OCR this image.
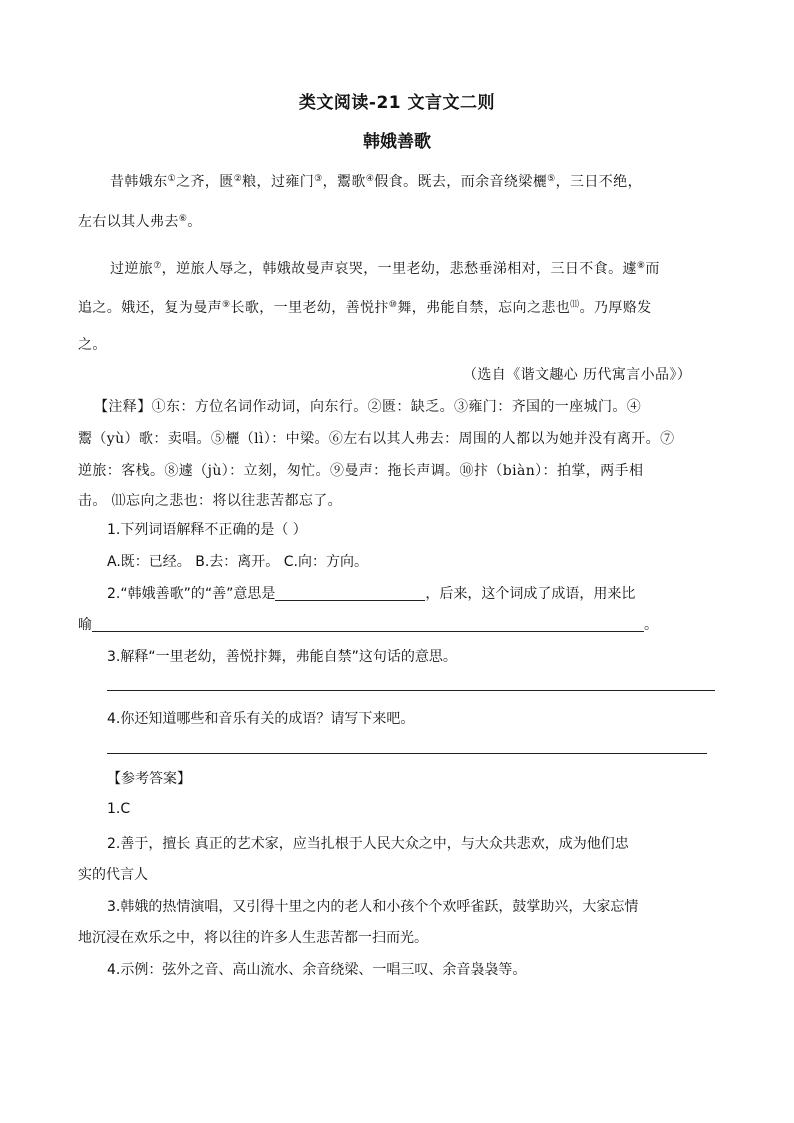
类文阅读-21 文言文二则
韩娥善歌
昔韩娥东①之齐，匮②粮，过雍门③，鬻歌④假食。既去，而余音绕梁欐⑤，三日不绝，
左右以其人弗去⑥。
过逆旅⑦，逆旅人辱之，韩娥故曼声哀哭，一里老幼，悲愁垂涕相对，三日不食。遽⑧而
追之。娥还，复为曼声⑨长歌，一里老幼，善悦抃⑩舞，弗能自禁，忘向之悲也⑾。乃厚赂发
之。
（选自《谐文趣心 历代寓言小品》）
【注释】①东：方位名词作动词，向东行。②匮：缺乏。③雍门：齐国的一座城门。④
鬻（yù）歌：卖唱。⑤欐（lì）：中梁。⑥左右以其人弗去：周围的人都以为她并没有离开。⑦
逆旅：客栈。⑧遽（jù）：立刻，匆忙。⑨曼声：拖长声调。⑩抃（biàn）：拍掌，两手相
击。 ⑾忘向之悲也：将以往悲苦都忘了。
1.下列词语解释不正确的是（ ）
A.既：已经。 B.去：离开。 C.向：方向。
2.“韩娥善歌”的“善”意思是	，后来，这个词成了成语，用来比
喻	。
3.解释“一里老幼，善悦抃舞，弗能自禁”这句话的意思。
4.你还知道哪些和音乐有关的成语？请写下来吧。
【参考答案】
1.C
2.善于，擅长 真正的艺术家，应当扎根于人民大众之中，与大众共悲欢，成为他们忠
实的代言人
3.韩娥的热情演唱，又引得十里之内的老人和小孩个个欢呼雀跃，鼓掌助兴，大家忘情
地沉浸在欢乐之中，将以往的许多人生悲苦都一扫而光。
4.示例：弦外之音、高山流水、余音绕梁、一唱三叹、余音袅袅等。
